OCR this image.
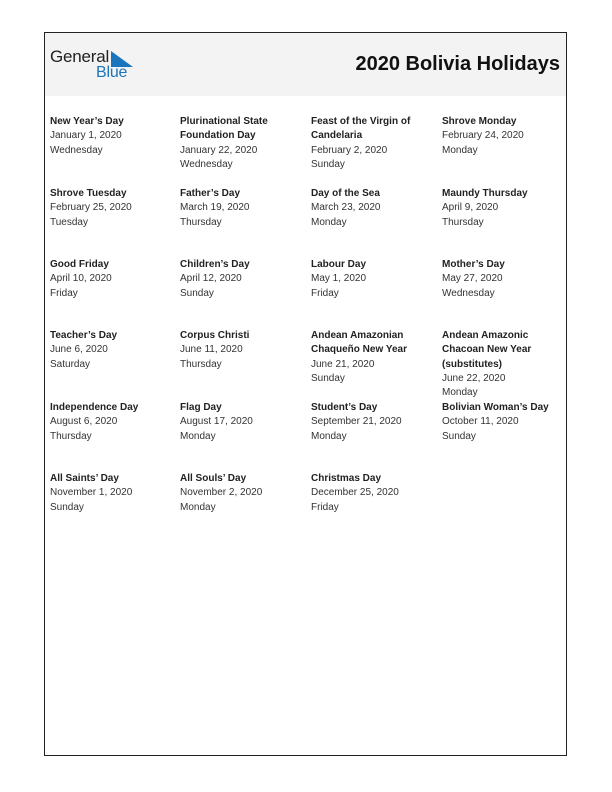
General
Blue	2020 Bolivia Holidays
New Year’s Day
January 1, 2020
Wednesday
Plurinational State Foundation Day
January 22, 2020
Wednesday
Feast of the Virgin of Candelaria
February 2, 2020
Sunday
Shrove Monday
February 24, 2020
Monday
Shrove Tuesday
February 25, 2020
Tuesday
Father’s Day
March 19, 2020
Thursday
Day of the Sea
March 23, 2020
Monday
Maundy Thursday
April 9, 2020
Thursday
Good Friday
April 10, 2020
Friday
Children’s Day
April 12, 2020
Sunday
Labour Day
May 1, 2020
Friday
Mother’s Day
May 27, 2020
Wednesday
Teacher’s Day
June 6, 2020
Saturday
Corpus Christi
June 11, 2020
Thursday
Andean Amazonian Chaqueño New Year
June 21, 2020
Sunday
Andean Amazonic Chacoan New Year (substitutes)
June 22, 2020
Monday
Independence Day
August 6, 2020
Thursday
Flag Day
August 17, 2020
Monday
Student’s Day
September 21, 2020
Monday
Bolivian Woman’s Day
October 11, 2020
Sunday
All Saints’ Day
November 1, 2020
Sunday
All Souls’ Day
November 2, 2020
Monday
Christmas Day
December 25, 2020
Friday
